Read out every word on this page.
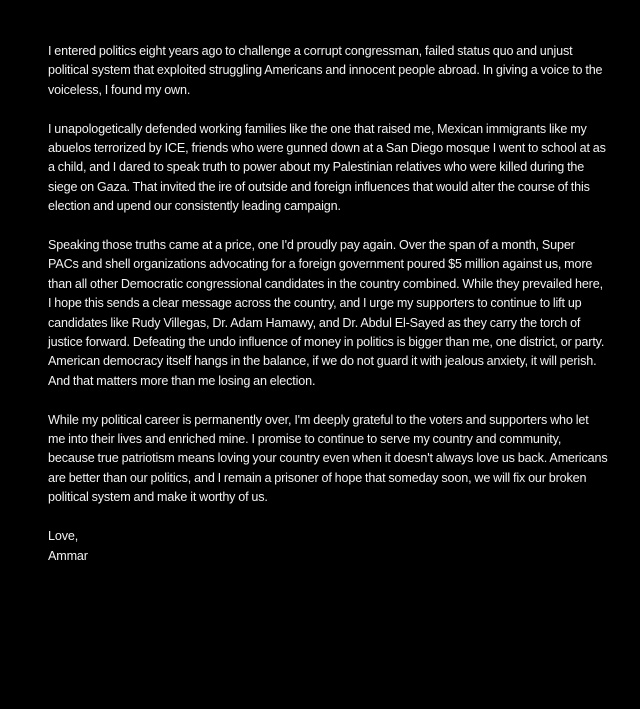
I entered politics eight years ago to challenge a corrupt congressman, failed status quo and unjust political system that exploited struggling Americans and innocent people abroad. In giving a voice to the voiceless, I found my own.

I unapologetically defended working families like the one that raised me, Mexican immigrants like my abuelos terrorized by ICE, friends who were gunned down at a San Diego mosque I went to school at as a child, and I dared to speak truth to power about my Palestinian relatives who were killed during the siege on Gaza. That invited the ire of outside and foreign influences that would alter the course of this election and upend our consistently leading campaign.

Speaking those truths came at a price, one I'd proudly pay again. Over the span of a month, Super PACs and shell organizations advocating for a foreign government poured $5 million against us, more than all other Democratic congressional candidates in the country combined. While they prevailed here, I hope this sends a clear message across the country, and I urge my supporters to continue to lift up candidates like Rudy Villegas, Dr. Adam Hamawy, and Dr. Abdul El-Sayed as they carry the torch of justice forward. Defeating the undo influence of money in politics is bigger than me, one district, or party. American democracy itself hangs in the balance, if we do not guard it with jealous anxiety, it will perish. And that matters more than me losing an election.

While my political career is permanently over, I'm deeply grateful to the voters and supporters who let me into their lives and enriched mine. I promise to continue to serve my country and community, because true patriotism means loving your country even when it doesn't always love us back. Americans are better than our politics, and I remain a prisoner of hope that someday soon, we will fix our broken political system and make it worthy of us.

Love,

Ammar
